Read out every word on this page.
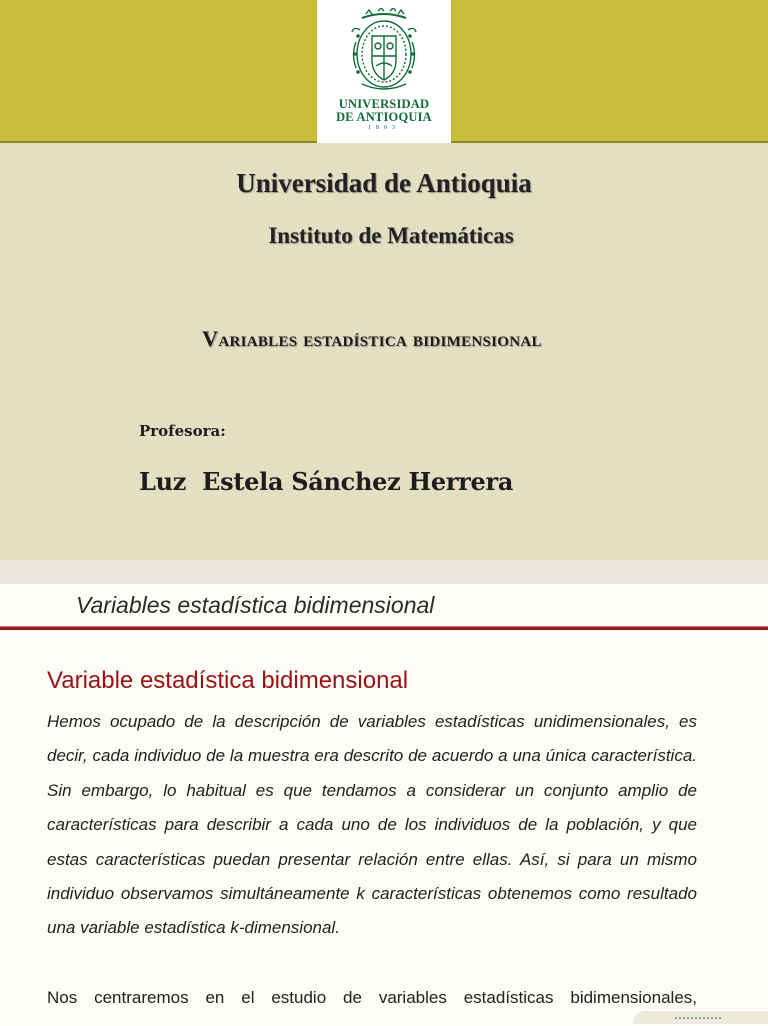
UNIVERSIDAD
DE ANTIOQUIA
1803
Universidad de Antioquia
Instituto de Matemáticas
Variables estadística bidimensional
Profesora:
Luz  Estela Sánchez Herrera
Variables estadística bidimensional
Variable estadística bidimensional
Hemos ocupado de la descripción de variables estadísticas unidimensionales, es decir, cada individuo de la muestra era descrito de acuerdo a una única característica. Sin embargo, lo habitual es que tendamos a considerar un conjunto amplio de características para describir a cada uno de los individuos de la población, y que estas características puedan presentar relación entre ellas. Así, si para un mismo individuo observamos simultáneamente k características obtenemos como resultado una variable estadística k-dimensional.
Nos centraremos en el estudio de variables estadísticas bidimensionales,
